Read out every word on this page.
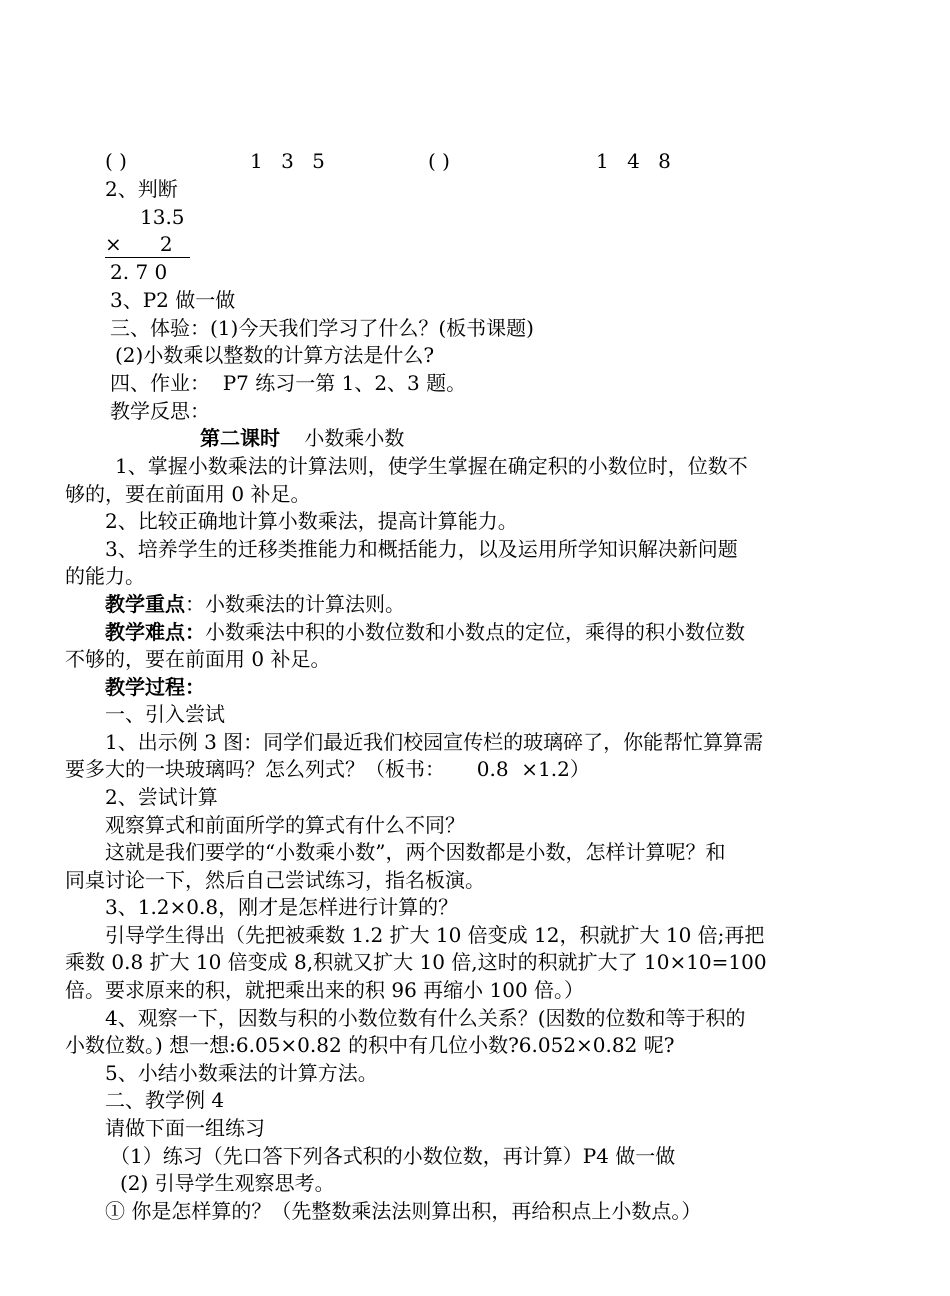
( )	1 3 5	( )	1 4 8
2、判断
13.5
×      2
2. 7 0
3、P2 做一做
三、体验：(1)今天我们学习了什么？(板书课题)
(2)小数乘以整数的计算方法是什么?
四、作业：  P7 练习一第 1、2、3 题。
教学反思：
第二课时 小数乘小数
1、掌握小数乘法的计算法则，使学生掌握在确定积的小数位时，位数不
够的，要在前面用 0 补足。
2、比较正确地计算小数乘法，提高计算能力。
3、培养学生的迁移类推能力和概括能力，以及运用所学知识解决新问题
的能力。
教学重点：小数乘法的计算法则。
教学难点：小数乘法中积的小数位数和小数点的定位，乘得的积小数位数
不够的，要在前面用 0 补足。
教学过程：
一、引入尝试
1、出示例 3 图：同学们最近我们校园宣传栏的玻璃碎了，你能帮忙算算需
要多大的一块玻璃吗？怎么列式？（板书：     0.8  ×1.2）
2、尝试计算
观察算式和前面所学的算式有什么不同？
这就是我们要学的“小数乘小数”，两个因数都是小数，怎样计算呢？和
同桌讨论一下，然后自己尝试练习，指名板演。
3、1.2×0.8，刚才是怎样进行计算的？
引导学生得出（先把被乘数 1.2 扩大 10 倍变成 12，积就扩大 10 倍;再把
乘数 0.8 扩大 10 倍变成 8,积就又扩大 10 倍,这时的积就扩大了 10×10=100
倍。要求原来的积，就把乘出来的积 96 再缩小 100 倍。）
4、观察一下，因数与积的小数位数有什么关系？(因数的位数和等于积的
小数位数。) 想一想:6.05×0.82 的积中有几位小数?6.052×0.82 呢?
5、小结小数乘法的计算方法。
二、教学例 4
请做下面一组练习
（1）练习（先口答下列各式积的小数位数，再计算）P4 做一做
(2) 引导学生观察思考。
① 你是怎样算的？（先整数乘法法则算出积，再给积点上小数点。）
